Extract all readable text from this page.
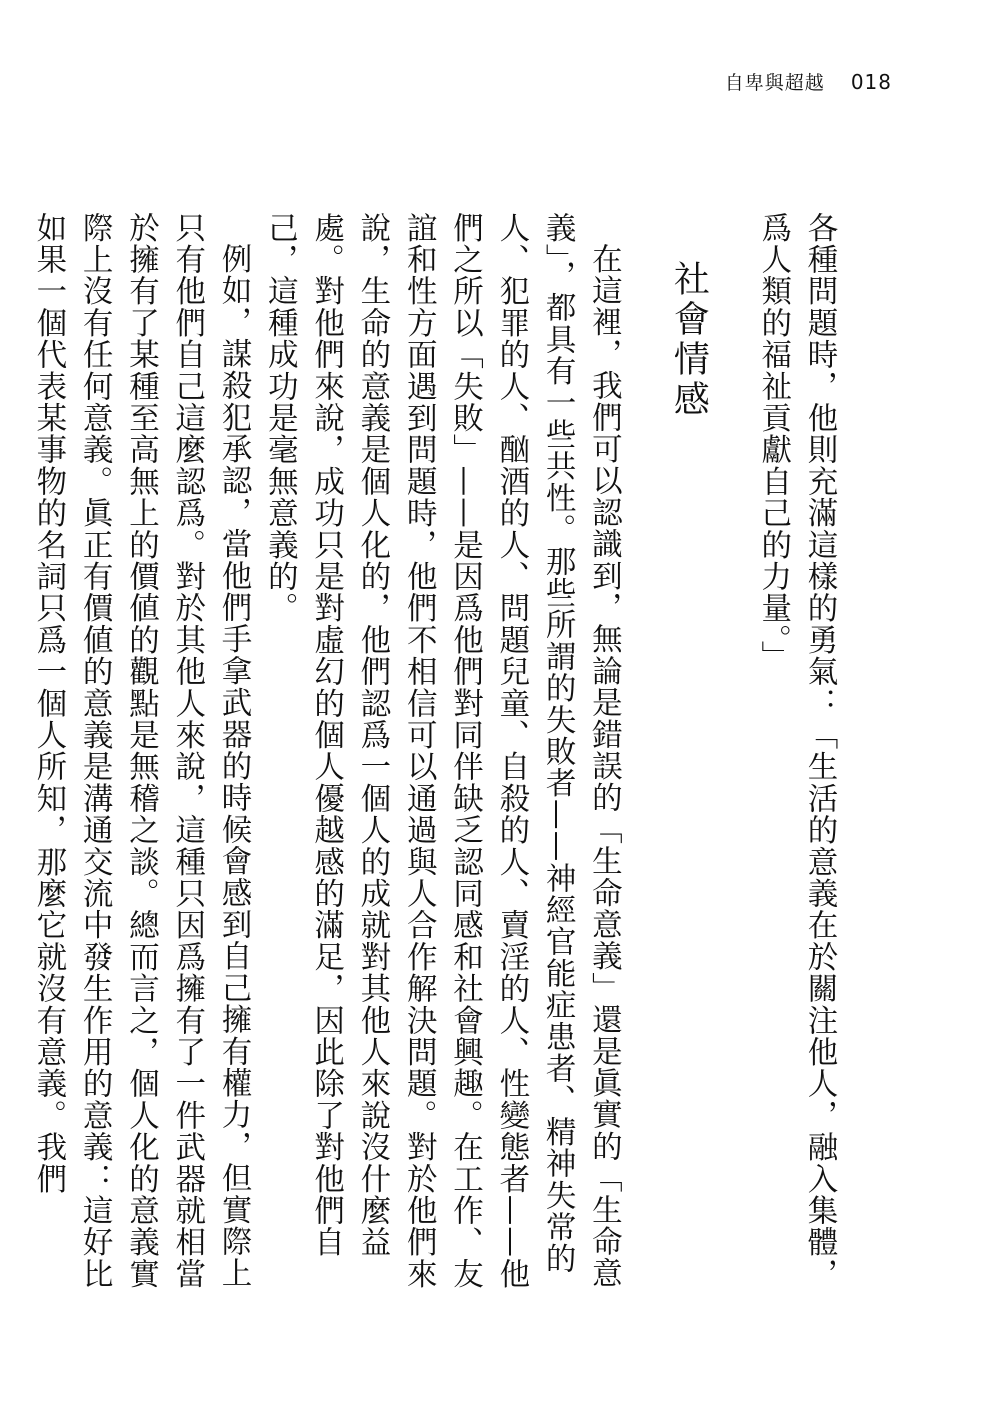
自卑與超越 018

各種問題時，他則充滿這樣的勇氣：「生活的意義在於關注他人，融入集體，爲人類的福祉貢獻自己的力量。」

社會情感

在這裡，我們可以認識到，無論是錯誤的「生命意義」還是眞實的「生命意義」，都具有一些共性。那些所謂的失敗者——神經官能症患者、精神失常的人、犯罪的人、酗酒的人、問題兒童、自殺的人、賣淫的人、性變態者——他們之所以「失敗」——是因爲他們對同伴缺乏認同感和社會興趣。在工作、友誼和性方面遇到問題時，他們不相信可以通過與人合作解決問題。對於他們來說，生命的意義是個人化的，他們認爲一個人的成就對其他人來說沒什麼益處。對他們來說，成功只是對虛幻的個人優越感的滿足，因此除了對他們自己，這種成功是毫無意義的。

例如，謀殺犯承認，當他們手拿武器的時候會感到自己擁有權力，但實際上只有他們自己這麼認爲。對於其他人來說，這種只因爲擁有了一件武器就相當於擁有了某種至高無上的價値的觀點是無稽之談。總而言之，個人化的意義實際上沒有任何意義。眞正有價値的意義是溝通交流中發生作用的意義：這好比如果一個代表某事物的名詞只爲一個人所知，那麼它就沒有意義。我們
